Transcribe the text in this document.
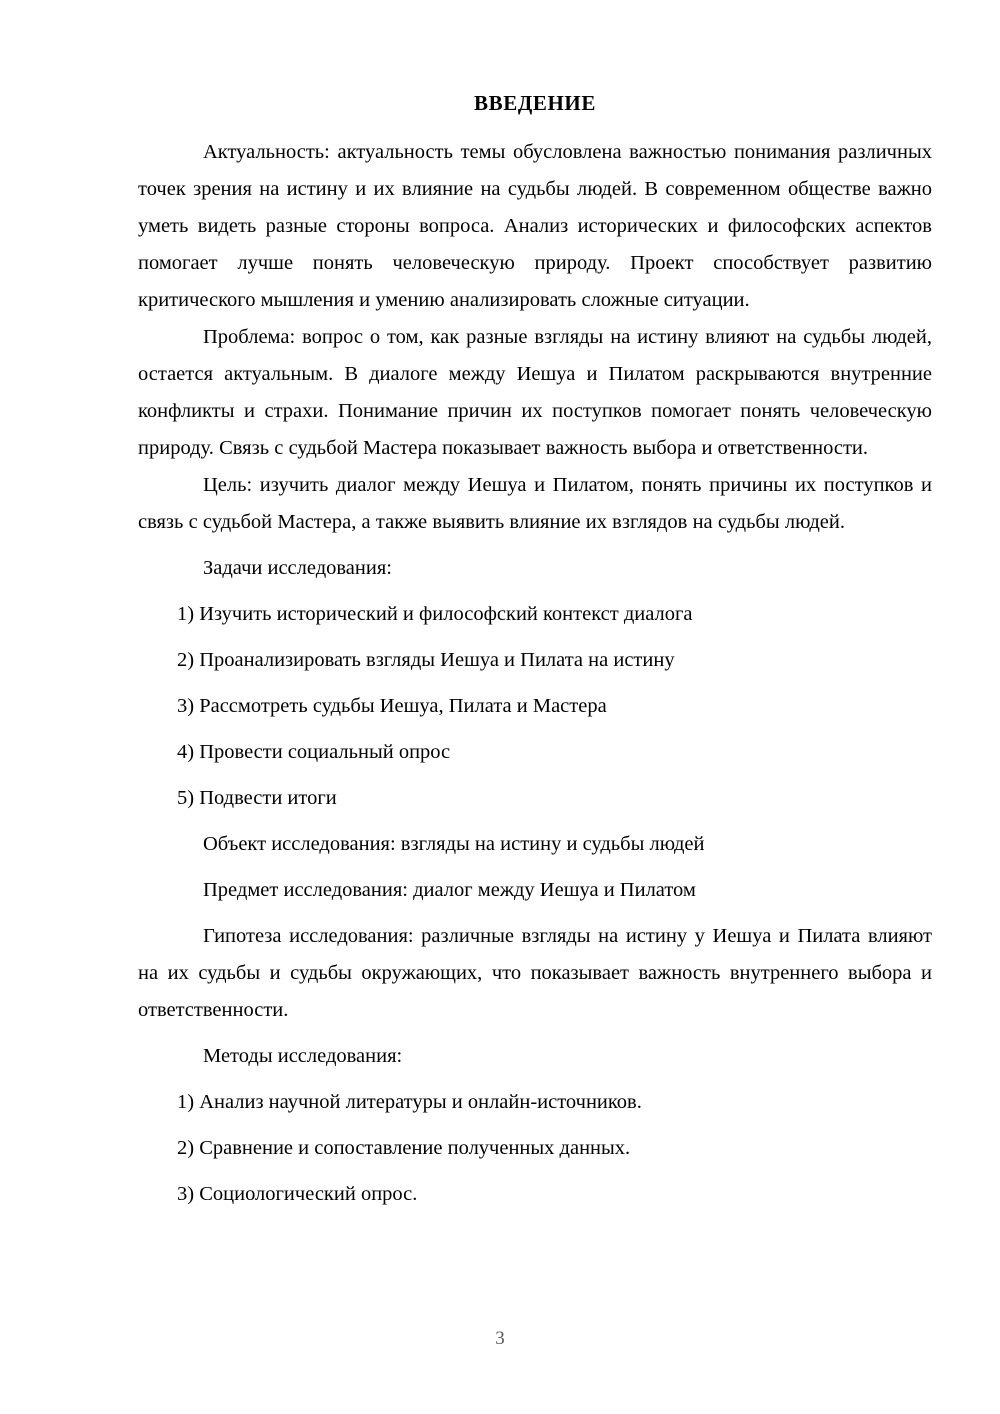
ВВЕДЕНИЕ

Актуальность: актуальность темы обусловлена важностью понимания различных точек зрения на истину и их влияние на судьбы людей. В современном обществе важно уметь видеть разные стороны вопроса. Анализ исторических и философских аспектов помогает лучше понять человеческую природу. Проект способствует развитию критического мышления и умению анализировать сложные ситуации.

Проблема: вопрос о том, как разные взгляды на истину влияют на судьбы людей, остается актуальным. В диалоге между Иешуа и Пилатом раскрываются внутренние конфликты и страхи. Понимание причин их поступков помогает понять человеческую природу. Связь с судьбой Мастера показывает важность выбора и ответственности.

Цель: изучить диалог между Иешуа и Пилатом, понять причины их поступков и связь с судьбой Мастера, а также выявить влияние их взглядов на судьбы людей.

Задачи исследования:

1) Изучить исторический и философский контекст диалога

2) Проанализировать взгляды Иешуа и Пилата на истину

3) Рассмотреть судьбы Иешуа, Пилата и Мастера

4) Провести социальный опрос

5) Подвести итоги

Объект исследования: взгляды на истину и судьбы людей

Предмет исследования: диалог между Иешуа и Пилатом

Гипотеза исследования: различные взгляды на истину у Иешуа и Пилата влияют на их судьбы и судьбы окружающих, что показывает важность внутреннего выбора и ответственности.

Методы исследования:

1) Анализ научной литературы и онлайн-источников.

2) Сравнение и сопоставление полученных данных.

3) Социологический опрос.

3
